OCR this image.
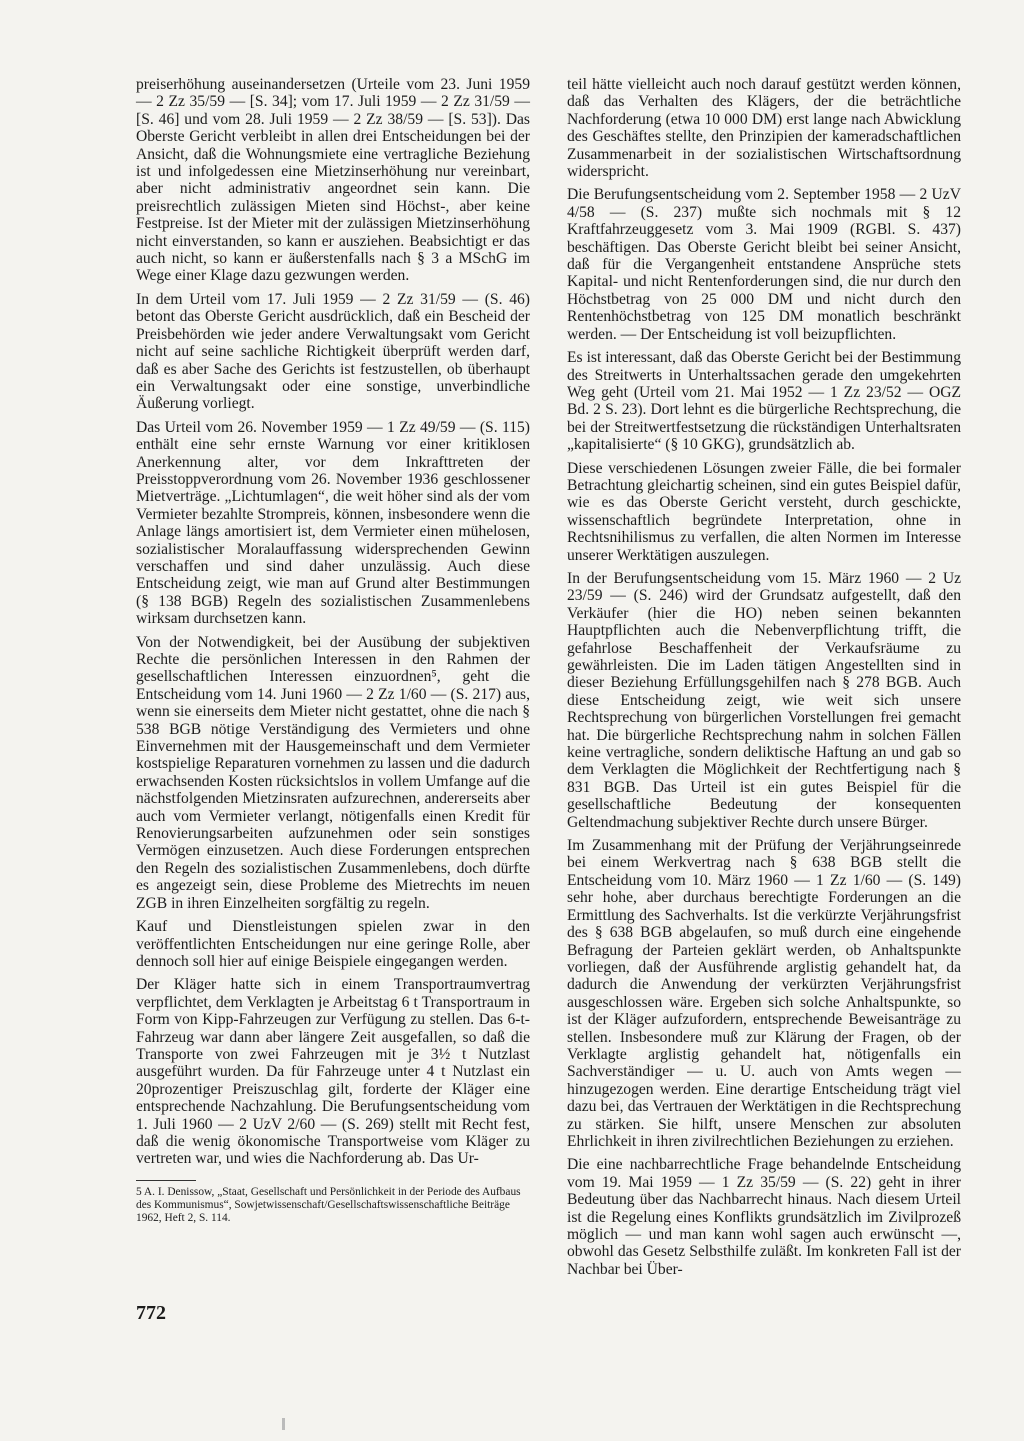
preiserhöhung auseinandersetzen (Urteile vom 23. Juni 1959 — 2 Zz 35/59 — [S. 34]; vom 17. Juli 1959 — 2 Zz 31/59 — [S. 46] und vom 28. Juli 1959 — 2 Zz 38/59 — [S. 53]). Das Oberste Gericht verbleibt in allen drei Entscheidungen bei der Ansicht, daß die Wohnungsmiete eine vertragliche Beziehung ist und infolgedessen eine Mietzinserhöhung nur vereinbart, aber nicht administrativ angeordnet sein kann. Die preisrechtlich zulässigen Mieten sind Höchst-, aber keine Festpreise. Ist der Mieter mit der zulässigen Mietzinserhöhung nicht einverstanden, so kann er ausziehen. Beabsichtigt er das auch nicht, so kann er äußerstenfalls nach § 3 a MSchG im Wege einer Klage dazu gezwungen werden.

In dem Urteil vom 17. Juli 1959 — 2 Zz 31/59 — (S. 46) betont das Oberste Gericht ausdrücklich, daß ein Bescheid der Preisbehörden wie jeder andere Verwaltungsakt vom Gericht nicht auf seine sachliche Richtigkeit überprüft werden darf, daß es aber Sache des Gerichts ist festzustellen, ob überhaupt ein Verwaltungsakt oder eine sonstige, unverbindliche Äußerung vorliegt.

Das Urteil vom 26. November 1959 — 1 Zz 49/59 — (S. 115) enthält eine sehr ernste Warnung vor einer kritiklosen Anerkennung alter, vor dem Inkrafttreten der Preisstoppverordnung vom 26. November 1936 geschlossener Mietverträge. „Lichtumlagen“, die weit höher sind als der vom Vermieter bezahlte Strompreis, können, insbesondere wenn die Anlage längs amortisiert ist, dem Vermieter einen mühelosen, sozialistischer Moralauffassung widersprechenden Gewinn verschaffen und sind daher unzulässig. Auch diese Entscheidung zeigt, wie man auf Grund alter Bestimmungen (§ 138 BGB) Regeln des sozialistischen Zusammenlebens wirksam durchsetzen kann.

Von der Notwendigkeit, bei der Ausübung der subjektiven Rechte die persönlichen Interessen in den Rahmen der gesellschaftlichen Interessen einzuordnen⁵, geht die Entscheidung vom 14. Juni 1960 — 2 Zz 1/60 — (S. 217) aus, wenn sie einerseits dem Mieter nicht gestattet, ohne die nach § 538 BGB nötige Verständigung des Vermieters und ohne Einvernehmen mit der Hausgemeinschaft und dem Vermieter kostspielige Reparaturen vornehmen zu lassen und die dadurch erwachsenden Kosten rücksichtslos in vollem Umfange auf die nächstfolgenden Mietzinsraten aufzurechnen, andererseits aber auch vom Vermieter verlangt, nötigenfalls einen Kredit für Renovierungsarbeiten aufzunehmen oder sein sonstiges Vermögen einzusetzen. Auch diese Forderungen entsprechen den Regeln des sozialistischen Zusammenlebens, doch dürfte es angezeigt sein, diese Probleme des Mietrechts im neuen ZGB in ihren Einzelheiten sorgfältig zu regeln.

Kauf und Dienstleistungen spielen zwar in den veröffentlichten Entscheidungen nur eine geringe Rolle, aber dennoch soll hier auf einige Beispiele eingegangen werden.

Der Kläger hatte sich in einem Transportraumvertrag verpflichtet, dem Verklagten je Arbeitstag 6 t Transportraum in Form von Kipp-Fahrzeugen zur Verfügung zu stellen. Das 6-t-Fahrzeug war dann aber längere Zeit ausgefallen, so daß die Transporte von zwei Fahrzeugen mit je 3½ t Nutzlast ausgeführt wurden. Da für Fahrzeuge unter 4 t Nutzlast ein 20prozentiger Preiszuschlag gilt, forderte der Kläger eine entsprechende Nachzahlung. Die Berufungsentscheidung vom 1. Juli 1960 — 2 UzV 2/60 — (S. 269) stellt mit Recht fest, daß die wenig ökonomische Transportweise vom Kläger zu vertreten war, und wies die Nachforderung ab. Das Ur-

5 A. I. Denissow, „Staat, Gesellschaft und Persönlichkeit in der Periode des Aufbaus des Kommunismus“, Sowjetwissenschaft/Gesellschaftswissenschaftliche Beiträge 1962, Heft 2, S. 114.

teil hätte vielleicht auch noch darauf gestützt werden können, daß das Verhalten des Klägers, der die beträchtliche Nachforderung (etwa 10 000 DM) erst lange nach Abwicklung des Geschäftes stellte, den Prinzipien der kameradschaftlichen Zusammenarbeit in der sozialistischen Wirtschaftsordnung widerspricht.

Die Berufungsentscheidung vom 2. September 1958 — 2 UzV 4/58 — (S. 237) mußte sich nochmals mit § 12 Kraftfahrzeuggesetz vom 3. Mai 1909 (RGBl. S. 437) beschäftigen. Das Oberste Gericht bleibt bei seiner Ansicht, daß für die Vergangenheit entstandene Ansprüche stets Kapital- und nicht Rentenforderungen sind, die nur durch den Höchstbetrag von 25 000 DM und nicht durch den Rentenhöchstbetrag von 125 DM monatlich beschränkt werden. — Der Entscheidung ist voll beizupflichten.

Es ist interessant, daß das Oberste Gericht bei der Bestimmung des Streitwerts in Unterhaltssachen gerade den umgekehrten Weg geht (Urteil vom 21. Mai 1952 — 1 Zz 23/52 — OGZ Bd. 2 S. 23). Dort lehnt es die bürgerliche Rechtsprechung, die bei der Streitwertfestsetzung die rückständigen Unterhaltsraten „kapitalisierte“ (§ 10 GKG), grundsätzlich ab.

Diese verschiedenen Lösungen zweier Fälle, die bei formaler Betrachtung gleichartig scheinen, sind ein gutes Beispiel dafür, wie es das Oberste Gericht versteht, durch geschickte, wissenschaftlich begründete Interpretation, ohne in Rechtsnihilismus zu verfallen, die alten Normen im Interesse unserer Werktätigen auszulegen.

In der Berufungsentscheidung vom 15. März 1960 — 2 Uz 23/59 — (S. 246) wird der Grundsatz aufgestellt, daß den Verkäufer (hier die HO) neben seinen bekannten Hauptpflichten auch die Nebenverpflichtung trifft, die gefahrlose Beschaffenheit der Verkaufsräume zu gewährleisten. Die im Laden tätigen Angestellten sind in dieser Beziehung Erfüllungsgehilfen nach § 278 BGB. Auch diese Entscheidung zeigt, wie weit sich unsere Rechtsprechung von bürgerlichen Vorstellungen frei gemacht hat. Die bürgerliche Rechtsprechung nahm in solchen Fällen keine vertragliche, sondern deliktische Haftung an und gab so dem Verklagten die Möglichkeit der Rechtfertigung nach § 831 BGB. Das Urteil ist ein gutes Beispiel für die gesellschaftliche Bedeutung der konsequenten Geltendmachung subjektiver Rechte durch unsere Bürger.

Im Zusammenhang mit der Prüfung der Verjährungseinrede bei einem Werkvertrag nach § 638 BGB stellt die Entscheidung vom 10. März 1960 — 1 Zz 1/60 — (S. 149) sehr hohe, aber durchaus berechtigte Forderungen an die Ermittlung des Sachverhalts. Ist die verkürzte Verjährungsfrist des § 638 BGB abgelaufen, so muß durch eine eingehende Befragung der Parteien geklärt werden, ob Anhaltspunkte vorliegen, daß der Ausführende arglistig gehandelt hat, da dadurch die Anwendung der verkürzten Verjährungsfrist ausgeschlossen wäre. Ergeben sich solche Anhaltspunkte, so ist der Kläger aufzufordern, entsprechende Beweisanträge zu stellen. Insbesondere muß zur Klärung der Fragen, ob der Verklagte arglistig gehandelt hat, nötigenfalls ein Sachverständiger — u. U. auch von Amts wegen — hinzugezogen werden. Eine derartige Entscheidung trägt viel dazu bei, das Vertrauen der Werktätigen in die Rechtsprechung zu stärken. Sie hilft, unsere Menschen zur absoluten Ehrlichkeit in ihren zivilrechtlichen Beziehungen zu erziehen.

Die eine nachbarrechtliche Frage behandelnde Entscheidung vom 19. Mai 1959 — 1 Zz 35/59 — (S. 22) geht in ihrer Bedeutung über das Nachbarrecht hinaus. Nach diesem Urteil ist die Regelung eines Konflikts grundsätzlich im Zivilprozeß möglich — und man kann wohl sagen auch erwünscht —, obwohl das Gesetz Selbsthilfe zuläßt. Im konkreten Fall ist der Nachbar bei Über-

772
